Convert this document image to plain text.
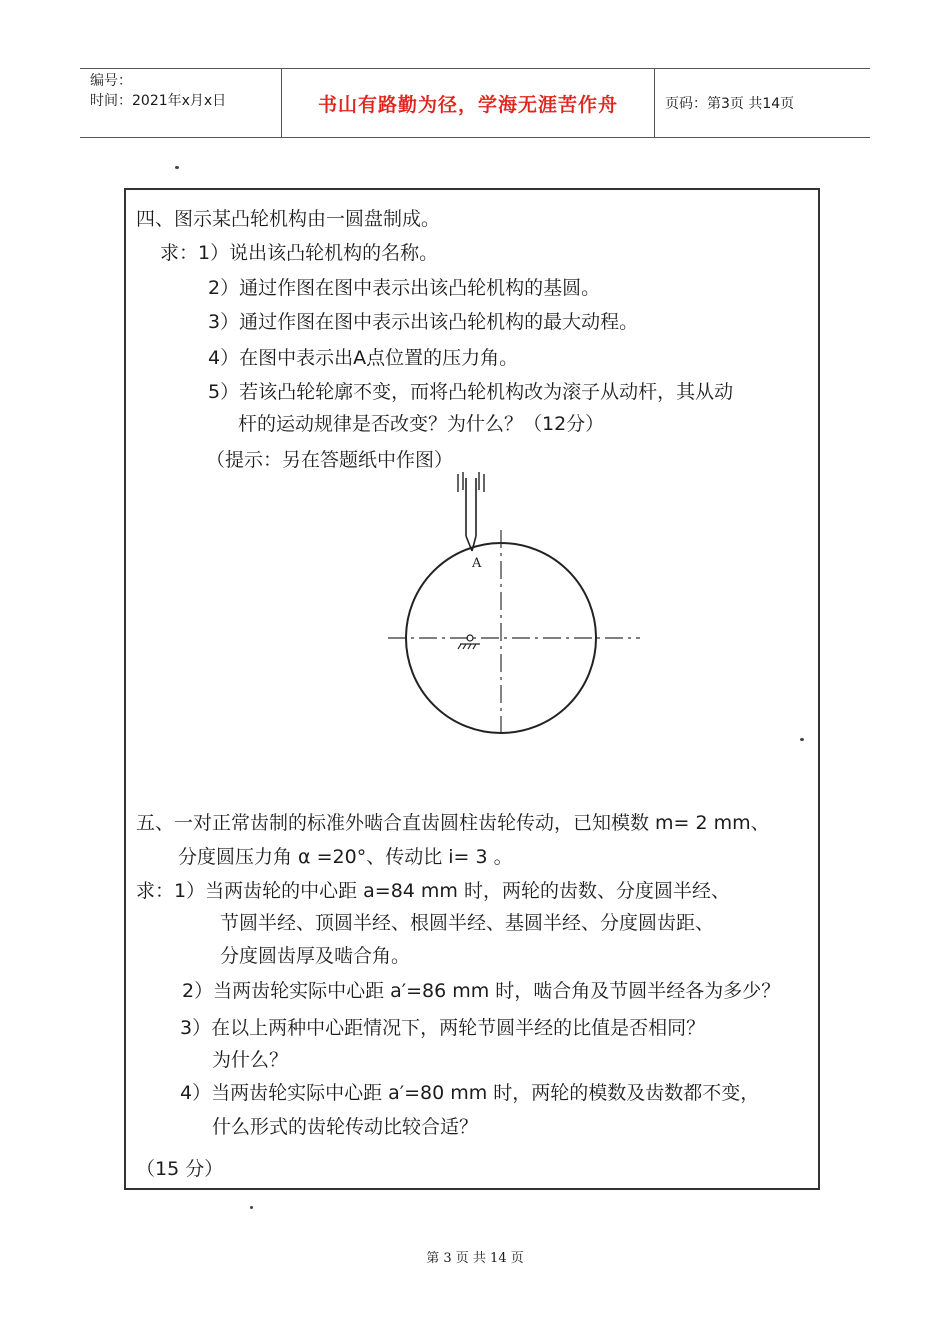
编号：
时间：2021年x月x日	书山有路勤为径，学海无涯苦作舟	页码：第3页 共14页
四、图示某凸轮机构由一圆盘制成。
求：1）说出该凸轮机构的名称。
2）通过作图在图中表示出该凸轮机构的基圆。
3）通过作图在图中表示出该凸轮机构的最大动程。
4）在图中表示出A点位置的压力角。
5）若该凸轮轮廓不变，而将凸轮机构改为滚子从动杆，其从动
杆的运动规律是否改变？为什么？（12分）
（提示：另在答题纸中作图）
五、一对正常齿制的标准外啮合直齿圆柱齿轮传动，已知模数 m= 2 mm、
分度圆压力角 α =20°、传动比 i= 3 。
求：1）当两齿轮的中心距 a=84 mm 时，两轮的齿数、分度圆半经、
节圆半经、顶圆半经、根圆半经、基圆半经、分度圆齿距、
分度圆齿厚及啮合角。
2）当两齿轮实际中心距 a′=86 mm 时，啮合角及节圆半经各为多少？
3）在以上两种中心距情况下，两轮节圆半经的比值是否相同？
为什么？
4）当两齿轮实际中心距 a′=80 mm 时，两轮的模数及齿数都不变，
什么形式的齿轮传动比较合适？
（15 分）
A
第 3 页 共 14 页
